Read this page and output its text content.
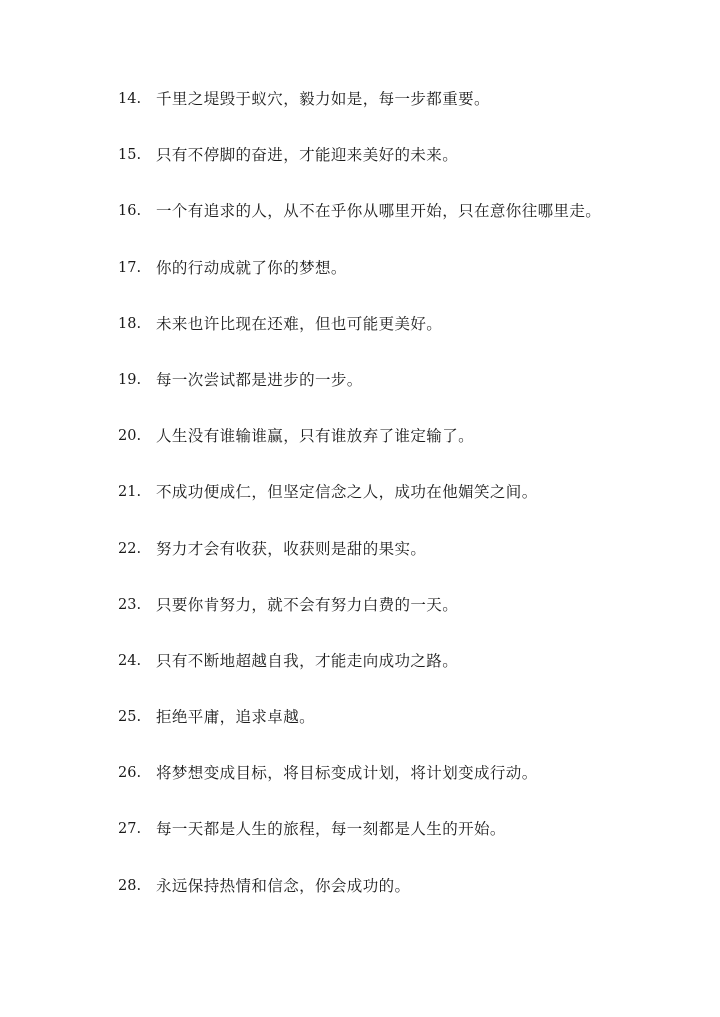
14. 千里之堤毁于蚁穴，毅力如是，每一步都重要。
15. 只有不停脚的奋进，才能迎来美好的未来。
16. 一个有追求的人，从不在乎你从哪里开始，只在意你往哪里走。
17. 你的行动成就了你的梦想。
18. 未来也许比现在还难，但也可能更美好。
19. 每一次尝试都是进步的一步。
20. 人生没有谁输谁赢，只有谁放弃了谁定输了。
21. 不成功便成仁，但坚定信念之人，成功在他媚笑之间。
22. 努力才会有收获，收获则是甜的果实。
23. 只要你肯努力，就不会有努力白费的一天。
24. 只有不断地超越自我，才能走向成功之路。
25. 拒绝平庸，追求卓越。
26. 将梦想变成目标，将目标变成计划，将计划变成行动。
27. 每一天都是人生的旅程，每一刻都是人生的开始。
28. 永远保持热情和信念，你会成功的。
